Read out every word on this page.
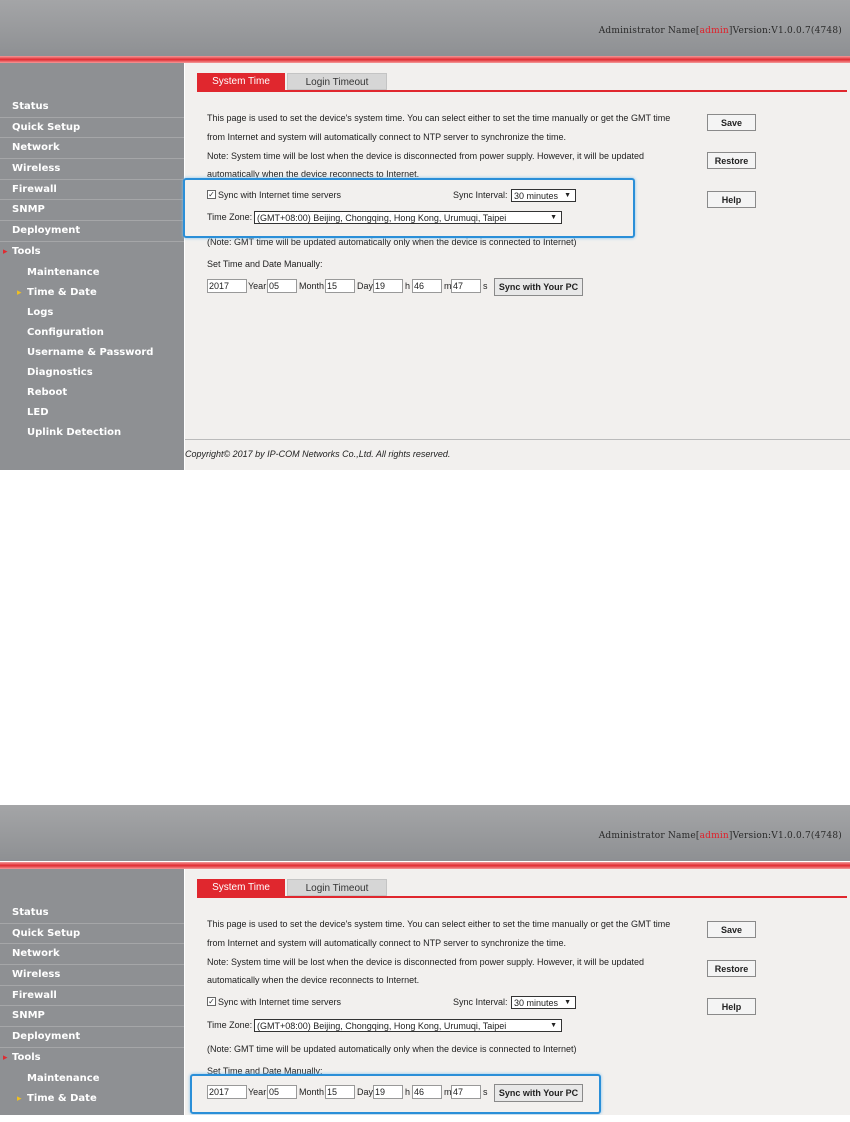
Administrator Name[admin]Version:V1.0.0.7(4748)
Status
Quick Setup
Network
Wireless
Firewall
SNMP
Deployment
▸ Tools
Maintenance
▸ Time & Date
Logs
Configuration
Username & Password
Diagnostics
Reboot
LED
Uplink Detection
System Time	Login Timeout
This page is used to set the device's system time. You can select either to set the time manually or get the GMT time
from Internet and system will automatically connect to NTP server to synchronize the time.
Note: System time will be lost when the device is disconnected from power supply. However, it will be updated
automatically when the device reconnects to Internet.
Save
Restore
Help
✓ Sync with Internet time servers	Sync Interval: 30 minutes ▼
Time Zone: (GMT+08:00) Beijing, Chongqing, Hong Kong, Urumuqi, Taipei	▼
(Note: GMT time will be updated automatically only when the device is connected to Internet)
Set Time and Date Manually:
2017	Year 05	Month 15	Day 19	h 46	m 47	s	Sync with Your PC
Copyright© 2017 by IP-COM Networks Co.,Ltd. All rights reserved.
Administrator Name[admin]Version:V1.0.0.7(4748)
Status
Quick Setup
Network
Wireless
Firewall
SNMP
Deployment
▸ Tools
Maintenance
▸ Time & Date
System Time	Login Timeout
This page is used to set the device's system time. You can select either to set the time manually or get the GMT time
from Internet and system will automatically connect to NTP server to synchronize the time.
Note: System time will be lost when the device is disconnected from power supply. However, it will be updated
automatically when the device reconnects to Internet.
Save
Restore
Help
✓ Sync with Internet time servers	Sync Interval: 30 minutes ▼
Time Zone: (GMT+08:00) Beijing, Chongqing, Hong Kong, Urumuqi, Taipei	▼
(Note: GMT time will be updated automatically only when the device is connected to Internet)
Set Time and Date Manually:
2017	Year 05	Month 15	Day 19	h 46	m 47	s	Sync with Your PC
